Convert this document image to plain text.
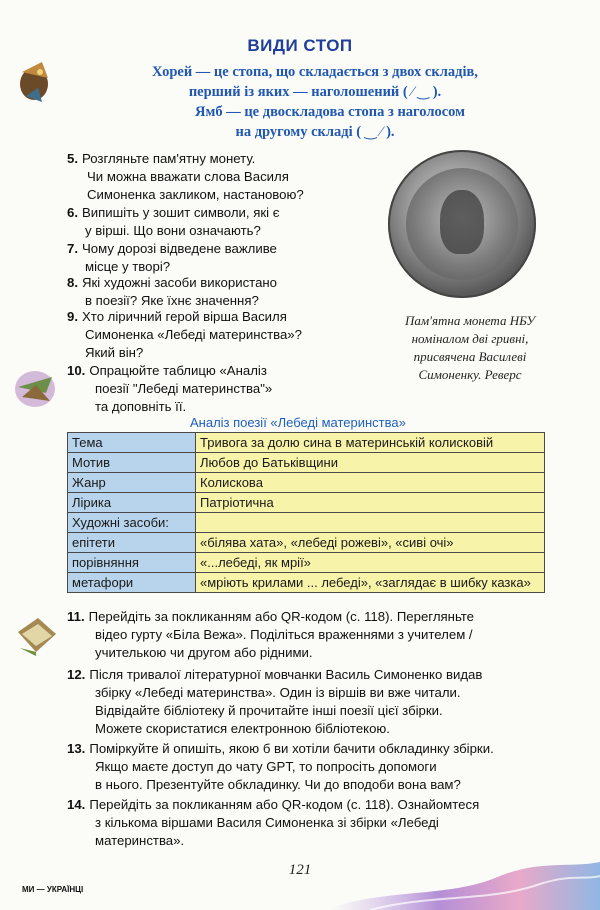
ВИДИ СТОП
Хорей — це стопа, що складається з двох складів,
перший із яких — наголошений ( ⁄ ‿ ).
Ямб — це двоскладова стопа з наголосом
на другому складі ( ‿ ⁄ ).
5. Розгляньте пам'ятну монету.
Чи можна вважати слова Василя
Симоненка закликом, настановою?
6. Випишіть у зошит символи, які є
у вірші. Що вони означають?
7. Чому дорозі відведене важливе
місце у творі?
8. Які художні засоби використано
в поезії? Яке їхнє значення?
9. Хто ліричний герой вірша Василя
Симоненка «Лебеді материнства»?
Який він?
10. Опрацюйте таблицю «Аналіз
поезії "Лебеді материнства"»
та доповніть її.
Пам'ятна монета НБУ
номіналом дві гривні,
присвячена Василеві
Симоненку. Реверс
Аналіз поезії «Лебеді материнства»
Тема	Тривога за долю сина в материнській колисковій
Мотив	Любов до Батьківщини
Жанр	Колискова
Лірика	Патріотична
Художні засоби:	
епітети	«білява хата», «лебеді рожеві», «сиві очі»
порівняння	«...лебеді, як мрії»
метафори	«мріють крилами ... лебеді», «заглядає в шибку казка»
11. Перейдіть за покликанням або QR-кодом (с. 118). Перегляньте
відео гурту «Біла Вежа». Поділіться враженнями з учителем /
учителькою чи другом або рідними.
12. Після тривалої літературної мовчанки Василь Симоненко видав
збірку «Лебеді материнства». Один із віршів ви вже читали.
Відвідайте бібліотеку й прочитайте інші поезії цієї збірки.
Можете скористатися електронною бібліотекою.
13. Поміркуйте й опишіть, якою б ви хотіли бачити обкладинку збірки.
Якщо маєте доступ до чату GPT, то попросіть допомоги
в нього. Презентуйте обкладинку. Чи до вподоби вона вам?
14. Перейдіть за покликанням або QR-кодом (с. 118). Ознайомтеся
з кількома віршами Василя Симоненка зі збірки «Лебеді
материнства».
121
МИ — УКРАЇНЦІ
